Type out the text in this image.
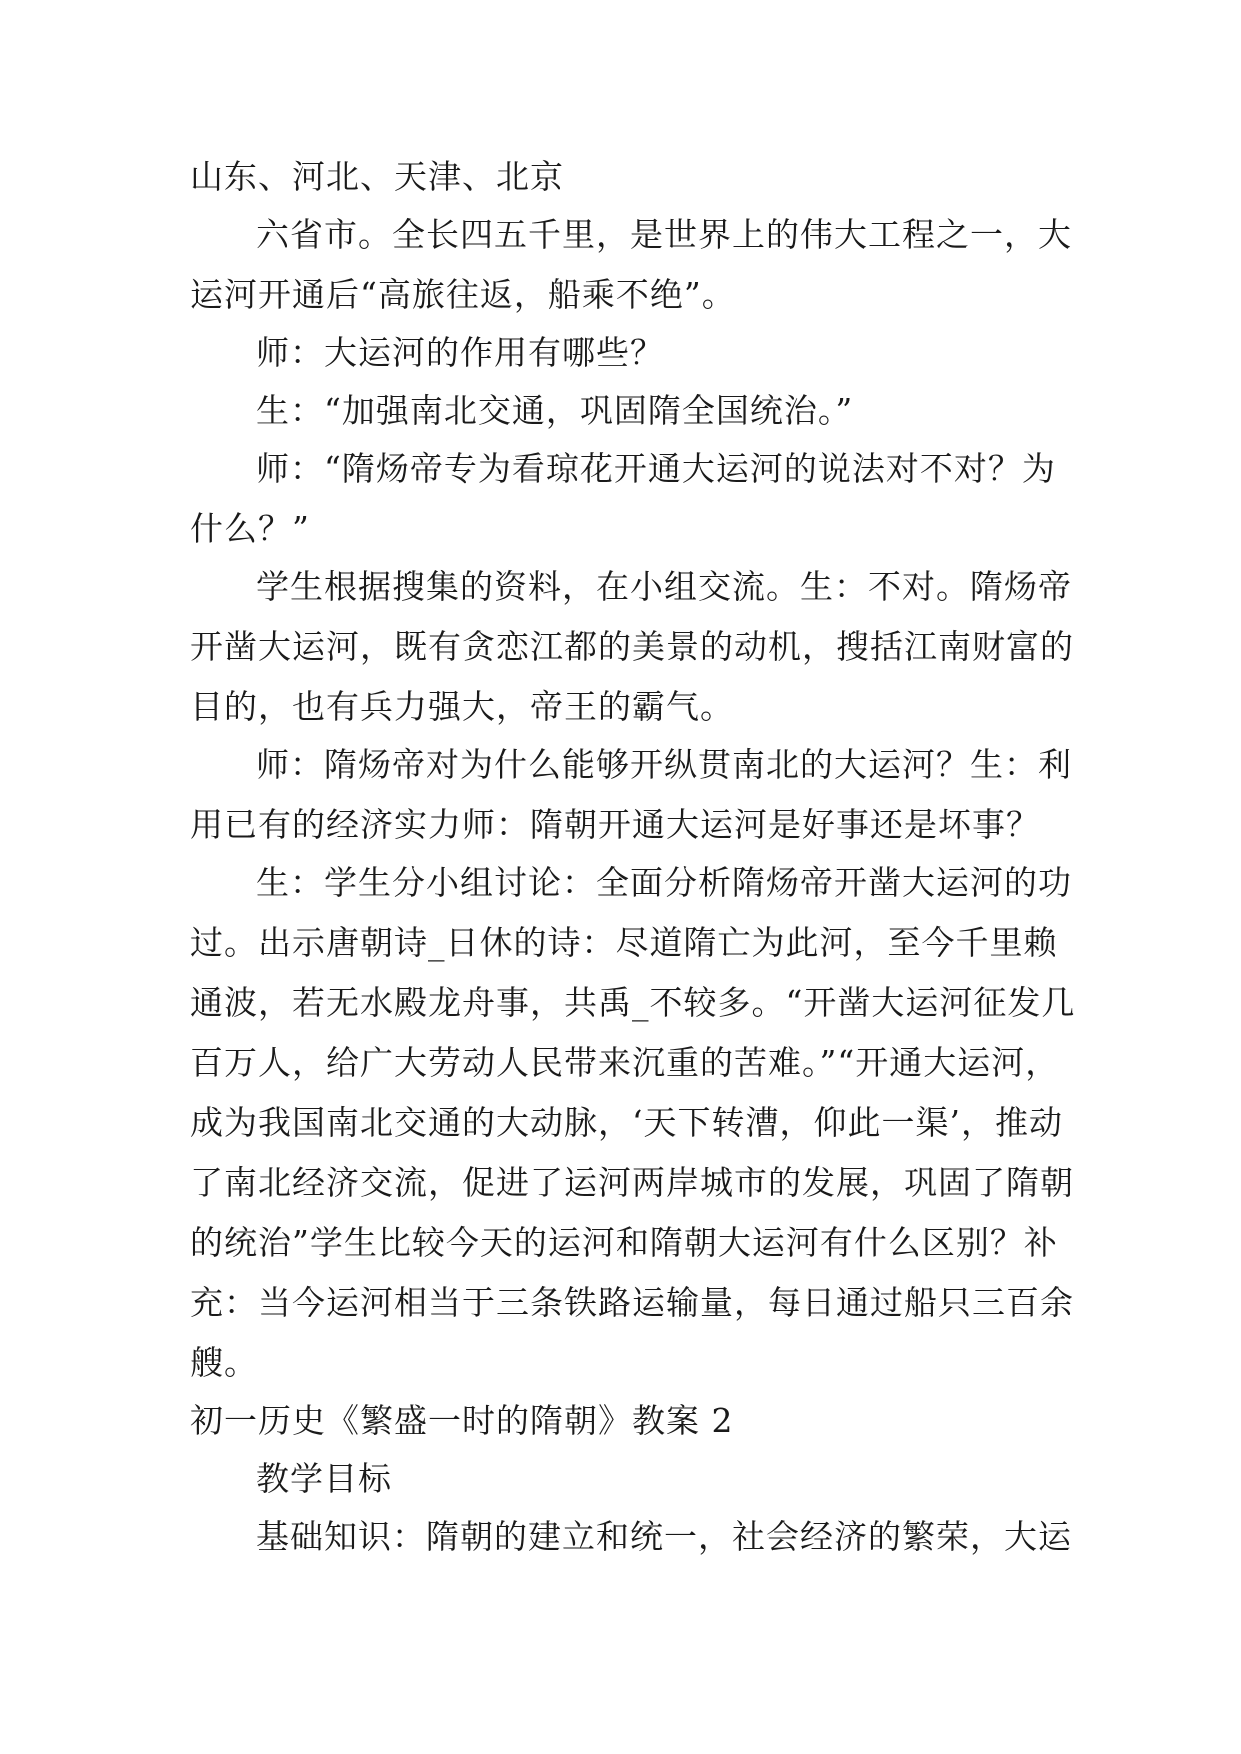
山东、河北、天津、北京

六省市。全长四五千里，是世界上的伟大工程之一，大

运河开通后“高旅往返，船乘不绝”。

师：大运河的作用有哪些？

生：“加强南北交通，巩固隋全国统治。”

师：“隋炀帝专为看琼花开通大运河的说法对不对？为

什么？”

学生根据搜集的资料，在小组交流。生：不对。隋炀帝

开凿大运河，既有贪恋江都的美景的动机，搜括江南财富的

目的，也有兵力强大，帝王的霸气。

师：隋炀帝对为什么能够开纵贯南北的大运河？生：利

用已有的经济实力师：隋朝开通大运河是好事还是坏事？

生：学生分小组讨论：全面分析隋炀帝开凿大运河的功

过。出示唐朝诗_日休的诗：尽道隋亡为此河，至今千里赖

通波，若无水殿龙舟事，共禹_不较多。“开凿大运河征发几

百万人，给广大劳动人民带来沉重的苦难。”“开通大运河，

成为我国南北交通的大动脉，‘天下转漕，仰此一渠’，推动

了南北经济交流，促进了运河两岸城市的发展，巩固了隋朝

的统治”学生比较今天的运河和隋朝大运河有什么区别？补

充：当今运河相当于三条铁路运输量，每日通过船只三百余

艘。

初一历史《繁盛一时的隋朝》教案 2

教学目标

基础知识：隋朝的建立和统一，社会经济的繁荣，大运
